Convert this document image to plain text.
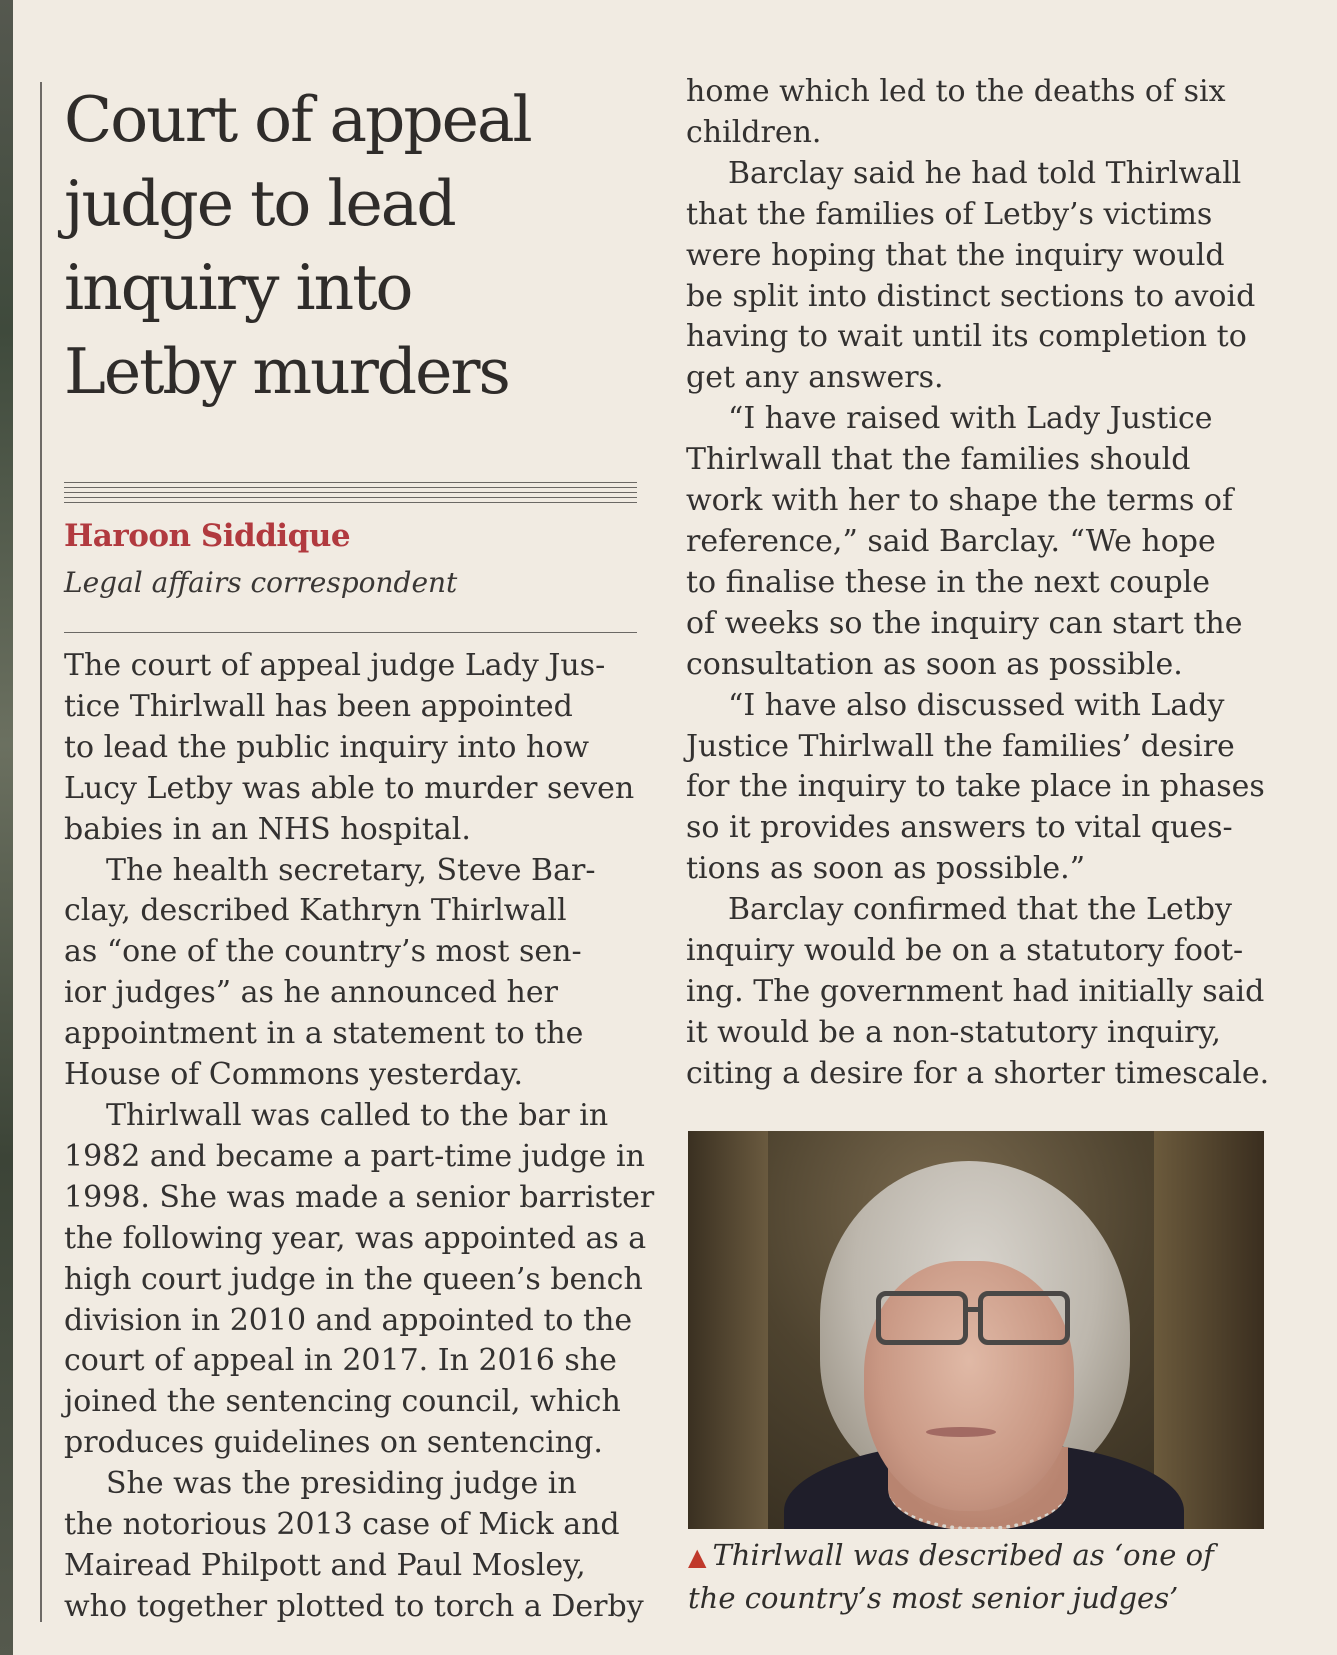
Court of appeal
judge to lead
inquiry into
Letby murders

Haroon Siddique

Legal affairs correspondent

The court of appeal judge Lady Jus-
tice Thirlwall has been appointed
to lead the public inquiry into how
Lucy Letby was able to murder seven
babies in an NHS hospital.
The health secretary, Steve Bar-
clay, described Kathryn Thirlwall
as “one of the country’s most sen-
ior judges” as he announced her
appointment in a statement to the
House of Commons yesterday.
Thirlwall was called to the bar in
1982 and became a part-time judge in
1998. She was made a senior barrister
the following year, was appointed as a
high court judge in the queen’s bench
division in 2010 and appointed to the
court of appeal in 2017. In 2016 she
joined the sentencing council, which
produces guidelines on sentencing.
She was the presiding judge in
the notorious 2013 case of Mick and
Mairead Philpott and Paul Mosley,
who together plotted to torch a Derby
home which led to the deaths of six
children.
Barclay said he had told Thirlwall
that the families of Letby’s victims
were hoping that the inquiry would
be split into distinct sections to avoid
having to wait until its completion to
get any answers.
“I have raised with Lady Justice
Thirlwall that the families should
work with her to shape the terms of
reference,” said Barclay. “We hope
to finalise these in the next couple
of weeks so the inquiry can start the
consultation as soon as possible.
“I have also discussed with Lady
Justice Thirlwall the families’ desire
for the inquiry to take place in phases
so it provides answers to vital ques-
tions as soon as possible.”
Barclay confirmed that the Letby
inquiry would be on a statutory foot-
ing. The government had initially said
it would be a non-statutory inquiry,
citing a desire for a shorter timescale.

▲ Thirlwall was described as ‘one of
the country’s most senior judges’
